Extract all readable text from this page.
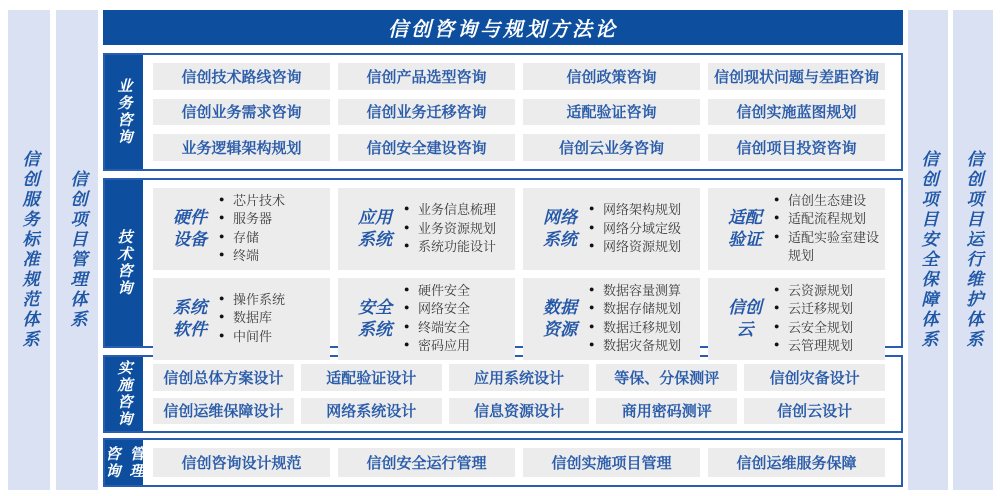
信创服务标准规范体系 信创项目管理体系
信创咨询与规划方法论
业务咨询
信创技术路线咨询	信创产品选型咨询	信创政策咨询	信创现状问题与差距咨询
信创业务需求咨询	信创业务迁移咨询	适配验证咨询	信创实施蓝图规划
业务逻辑架构规划	信创安全建设咨询	信创云业务咨询	信创项目投资咨询
技术咨询
硬件
设备
● 芯片技术
● 服务器
● 存储
● 终端
应用
系统
● 业务信息梳理
● 业务资源规划
● 系统功能设计
网络
系统
● 网络架构规划
● 网络分域定级
● 网络资源规划
适配
验证
● 信创生态建设
● 适配流程规划
● 适配实验室建设规划
系统
软件
● 操作系统
● 数据库
● 中间件
安全
系统
● 硬件安全
● 网络安全
● 终端安全
● 密码应用
数据
资源
● 数据容量测算
● 数据存储规划
● 数据迁移规划
● 数据灾备规划
信创
云
● 云资源规划
● 云迁移规划
● 云安全规划
● 云管理规划
实施咨询	信创总体方案设计	适配验证设计	应用系统设计	等保、分保测评	信创灾备设计
信创运维保障设计	网络系统设计	信息资源设计	商用密码测评	信创云设计
咨询 管理	信创咨询设计规范	信创安全运行管理	信创实施项目管理	信创运维服务保障
信创项目安全保障体系 信创项目运行维护体系
